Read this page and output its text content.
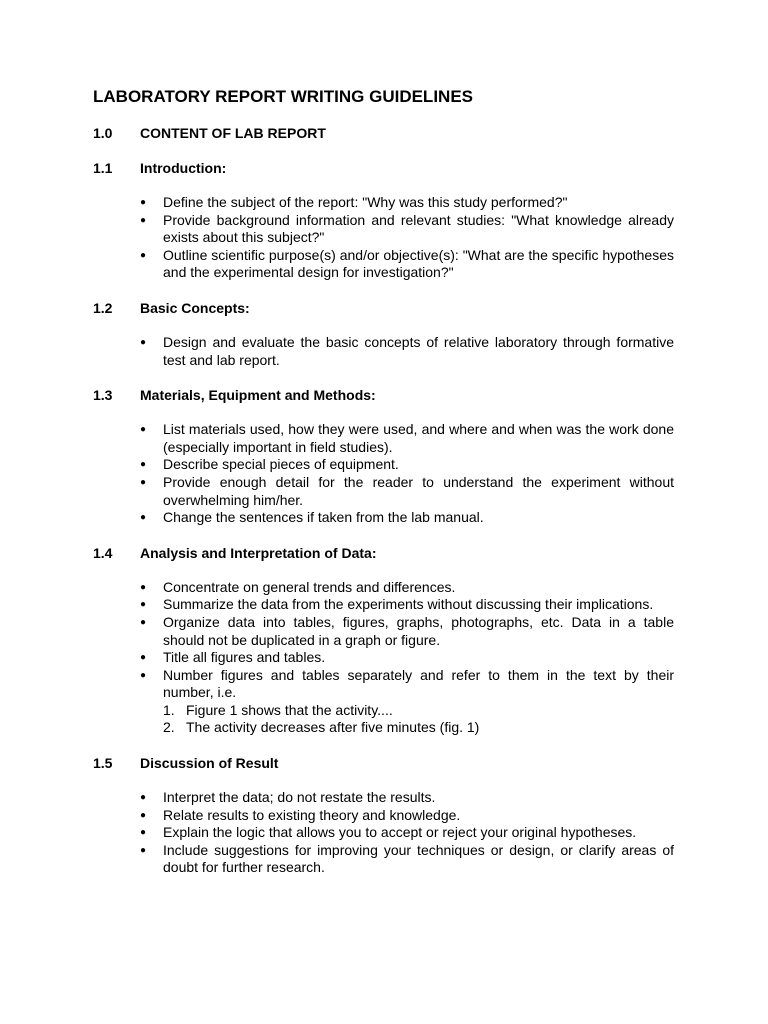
LABORATORY REPORT WRITING GUIDELINES
1.0	CONTENT OF LAB REPORT
1.1	Introduction:
● Define the subject of the report: "Why was this study performed?"
● Provide background information and relevant studies: "What knowledge already exists about this subject?"
● Outline scientific purpose(s) and/or objective(s): "What are the specific hypotheses and the experimental design for investigation?"
1.2	Basic Concepts:
● Design and evaluate the basic concepts of relative laboratory through formative test and lab report.
1.3	Materials, Equipment and Methods:
● List materials used, how they were used, and where and when was the work done (especially important in field studies).
● Describe special pieces of equipment.
● Provide enough detail for the reader to understand the experiment without overwhelming him/her.
● Change the sentences if taken from the lab manual.
1.4	Analysis and Interpretation of Data:
● Concentrate on general trends and differences.
● Summarize the data from the experiments without discussing their implications.
● Organize data into tables, figures, graphs, photographs, etc. Data in a table should not be duplicated in a graph or figure.
● Title all figures and tables.
● Number figures and tables separately and refer to them in the text by their number, i.e.
1. Figure 1 shows that the activity....
2. The activity decreases after five minutes (fig. 1)
1.5	Discussion of Result
● Interpret the data; do not restate the results.
● Relate results to existing theory and knowledge.
● Explain the logic that allows you to accept or reject your original hypotheses.
● Include suggestions for improving your techniques or design, or clarify areas of doubt for further research.
